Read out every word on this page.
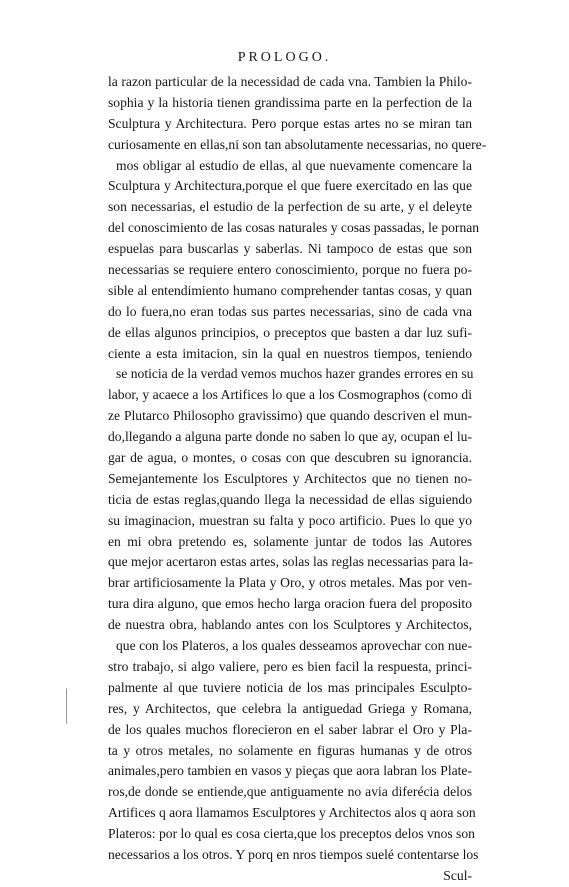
PROLOGO.
la razon particular de la necessidad de cada vna. Tambien la Philo-
sophia y la historia tienen grandissima parte en la perfection de la
Sculptura y Architectura. Pero porque estas artes no se miran tan
curiosamente en ellas,ni son tan absolutamente necessarias, no quere-
mos obligar al estudio de ellas, al que nuevamente comencare la
Sculptura y Architectura,porque el que fuere exercitado en las que
son necessarias, el estudio de la perfection de su arte, y el deleyte
del conoscimiento de las cosas naturales y cosas passadas, le pornan
espuelas para buscarlas y saberlas. Ni tampoco de estas que son
necessarias se requiere entero conoscimiento, porque no fuera po-
sible al entendimiento humano comprehender tantas cosas, y quan
do lo fuera,no eran todas sus partes necessarias, sino de cada vna
de ellas algunos principios, o preceptos que basten a dar luz sufi-
ciente a esta imitacion, sin la qual en nuestros tiempos, teniendo
se noticia de la verdad vemos muchos hazer grandes errores en su
labor, y acaece a los Artifices lo que a los Cosmographos (como di
ze Plutarco Philosopho gravissimo) que quando descriven el mun-
do,llegando a alguna parte donde no saben lo que ay, ocupan el lu-
gar de agua, o montes, o cosas con que descubren su ignorancia.
Semejantemente los Esculptores y Architectos que no tienen no-
ticia de estas reglas,quando llega la necessidad de ellas siguiendo
su imaginacion, muestran su falta y poco artificio. Pues lo que yo
en mi obra pretendo es, solamente juntar de todos las Autores
que mejor acertaron estas artes, solas las reglas necessarias para la-
brar artificiosamente la Plata y Oro, y otros metales. Mas por ven-
tura dira alguno, que emos hecho larga oracion fuera del proposito
de nuestra obra, hablando antes con los Sculptores y Architectos,
que con los Plateros, a los quales desseamos aprovechar con nue-
stro trabajo, si algo valiere, pero es bien facil la respuesta, princi-
palmente al que tuviere noticia de los mas principales Esculpto-
res, y Architectos, que celebra la antiguedad Griega y Romana,
de los quales muchos florecieron en el saber labrar el Oro y Pla-
ta y otros metales, no solamente en figuras humanas y de otros
animales,pero tambien en vasos y pieças que aora labran los Plate-
ros,de donde se entiende,que antiguamente no avia diferécia delos
Artifices q aora llamamos Esculptores y Architectos alos q aora son
Plateros: por lo qual es cosa cierta,que los preceptos delos vnos son
necessarios a los otros. Y porq en nros tiempos suelé contentarse los
Scul-
